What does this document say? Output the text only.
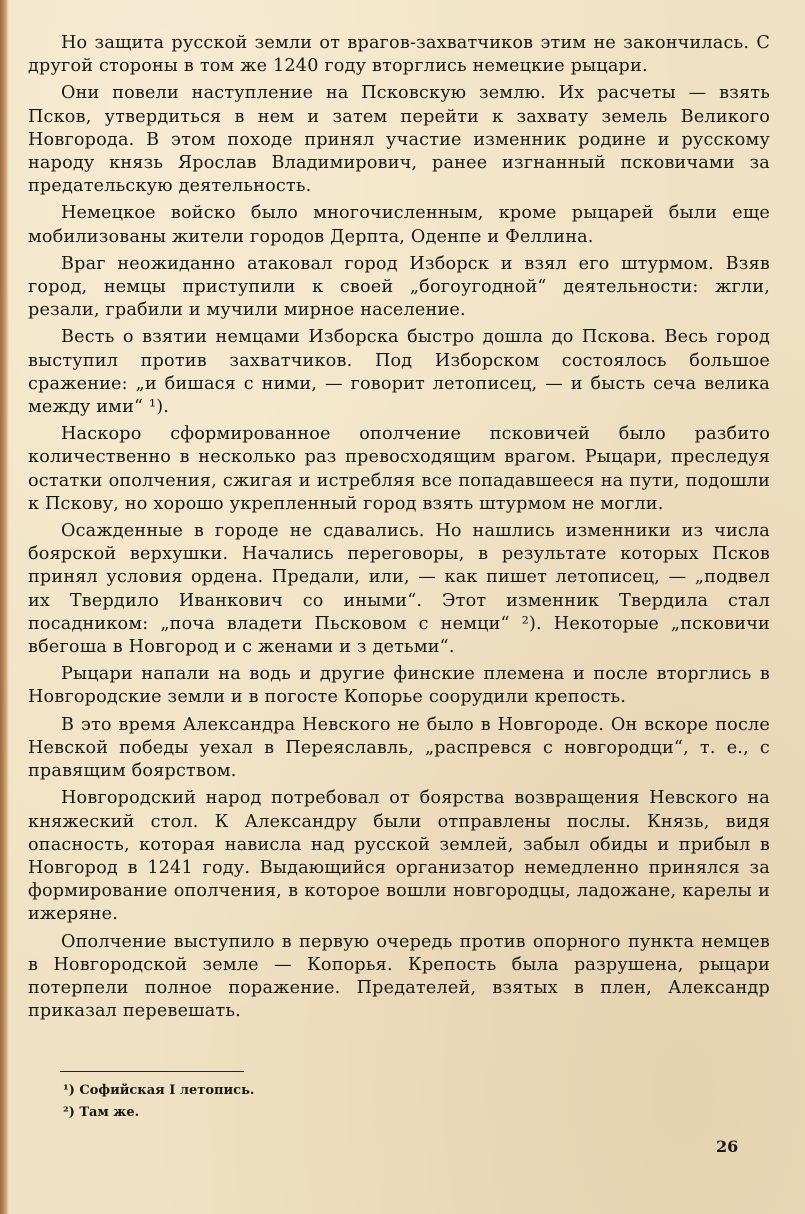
Но защита русской земли от врагов-захватчиков этим не закончилась. С другой стороны в том же 1240 году вторглись немецкие рыцари.

Они повели наступление на Псковскую землю. Их расчеты — взять Псков, утвердиться в нем и затем перейти к захвату земель Великого Новгорода. В этом походе принял участие изменник родине и русскому народу князь Ярослав Владимирович, ранее изгнанный псковичами за предательскую деятельность.

Немецкое войско было многочисленным, кроме рыцарей были еще мобилизованы жители городов Дерпта, Оденпе и Феллина.

Враг неожиданно атаковал город Изборск и взял его штурмом. Взяв город, немцы приступили к своей „богоугодной“ деятельности: жгли, резали, грабили и мучили мирное население.

Весть о взятии немцами Изборска быстро дошла до Пскова. Весь город выступил против захватчиков. Под Изборском состоялось большое сражение: „и бишася с ними, — говорит летописец, — и бысть сеча велика между ими“ ¹).

Наскоро сформированное ополчение псковичей было разбито количественно в несколько раз превосходящим врагом. Рыцари, преследуя остатки ополчения, сжигая и истребляя все попадавшееся на пути, подошли к Пскову, но хорошо укрепленный город взять штурмом не могли.

Осажденные в городе не сдавались. Но нашлись изменники из числа боярской верхушки. Начались переговоры, в результате которых Псков принял условия ордена. Предали, или, — как пишет летописец, — „подвел их Твердило Иванкович со иными“. Этот изменник Твердила стал посадником: „поча владети Пьсковом с немци“ ²). Некоторые „псковичи вбегоша в Новгород и с женами и з детьми“.

Рыцари напали на водь и другие финские племена и после вторглись в Новгородские земли и в погосте Копорье соорудили крепость.

В это время Александра Невского не было в Новгороде. Он вскоре после Невской победы уехал в Переяславль, „распревся с новгородци“, т. е., с правящим боярством.

Новгородский народ потребовал от боярства возвращения Невского на княжеский стол. К Александру были отправлены послы. Князь, видя опасность, которая нависла над русской землей, забыл обиды и прибыл в Новгород в 1241 году. Выдающийся организатор немедленно принялся за формирование ополчения, в которое вошли новгородцы, ладожане, карелы и ижеряне.

Ополчение выступило в первую очередь против опорного пункта немцев в Новгородской земле — Копорья. Крепость была разрушена, рыцари потерпели полное поражение. Предателей, взятых в плен, Александр приказал перевешать.

¹) Софийская I летопись.

²) Там же.

26
